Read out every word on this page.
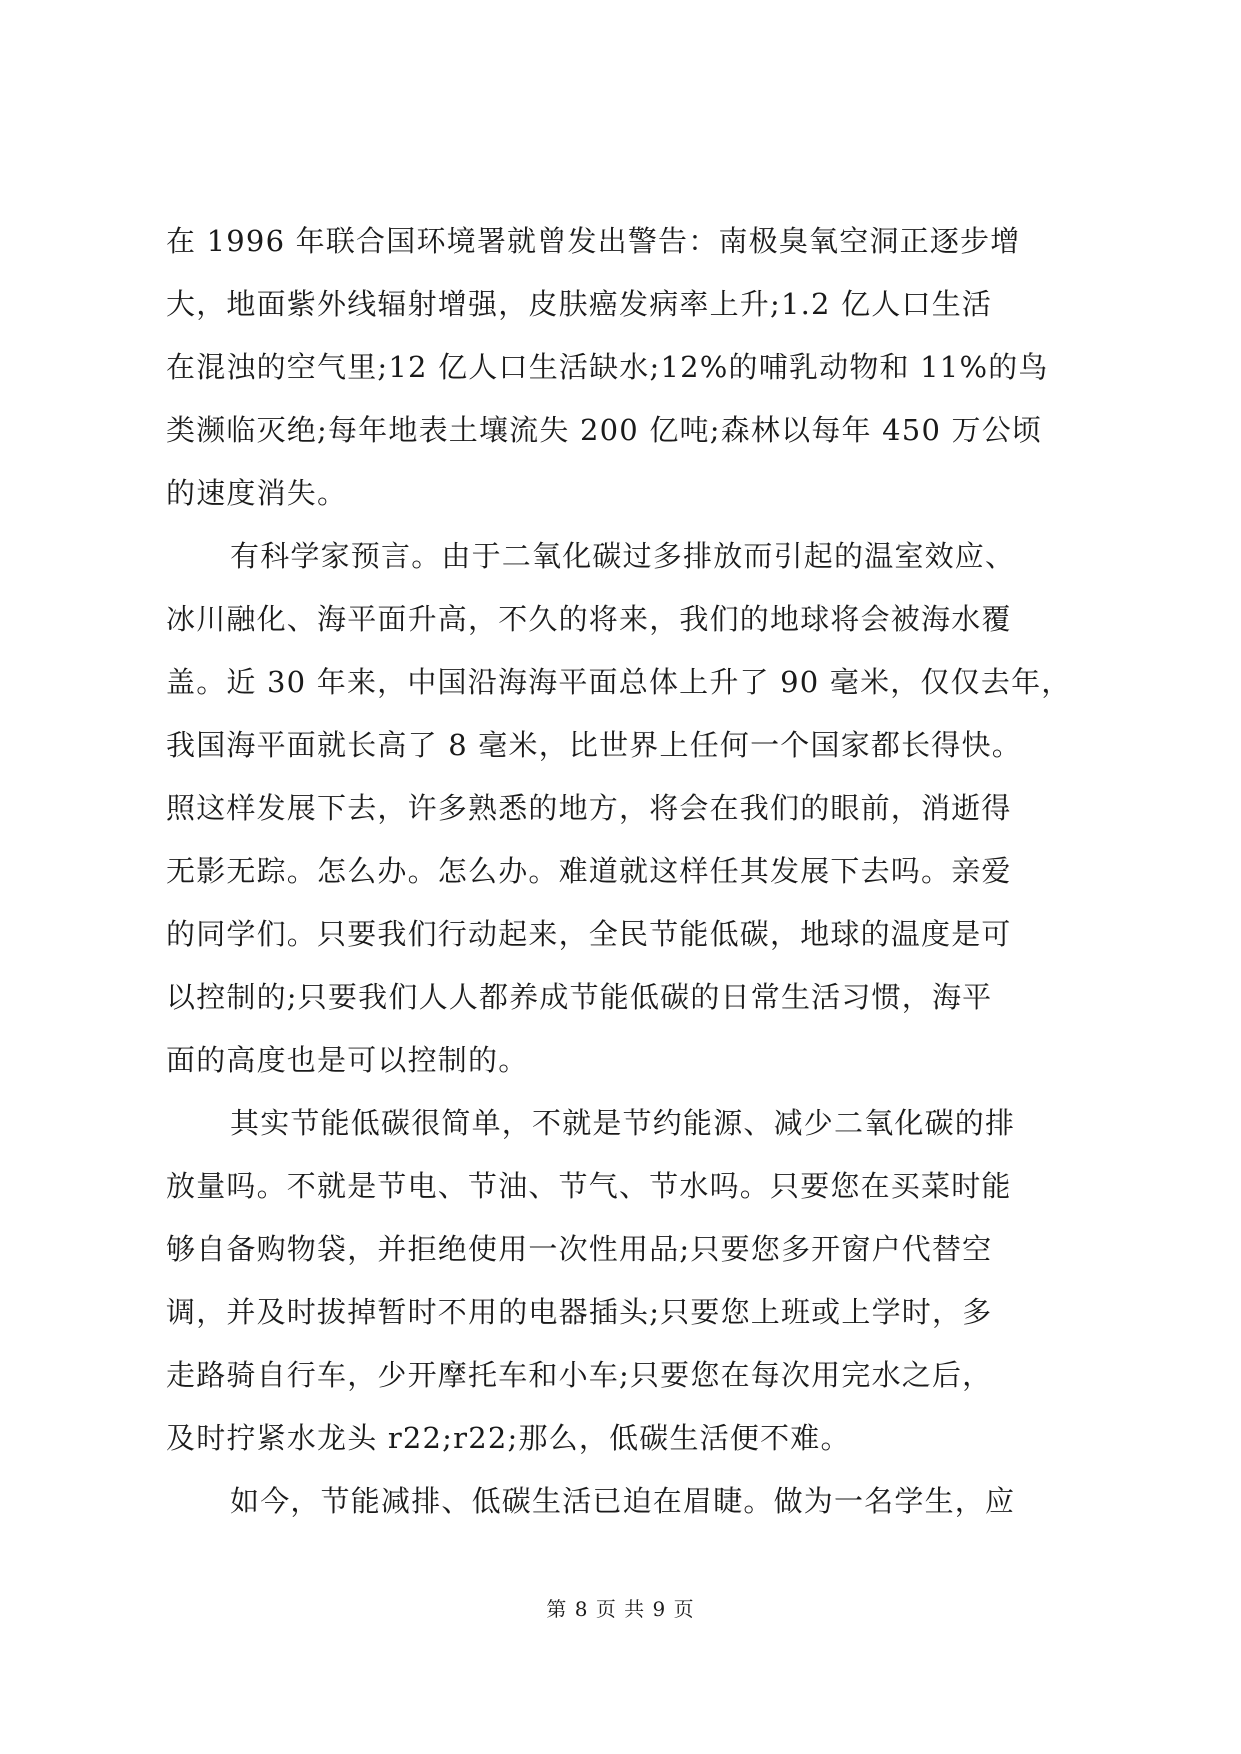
在 1996 年联合国环境署就曾发出警告：南极臭氧空洞正逐步增
大，地面紫外线辐射增强，皮肤癌发病率上升;1.2 亿人口生活
在混浊的空气里;12 亿人口生活缺水;12%的哺乳动物和 11%的鸟
类濒临灭绝;每年地表土壤流失 200 亿吨;森林以每年 450 万公顷
的速度消失。
有科学家预言。由于二氧化碳过多排放而引起的温室效应、
冰川融化、海平面升高，不久的将来，我们的地球将会被海水覆
盖。近 30 年来，中国沿海海平面总体上升了 90 毫米，仅仅去年，
我国海平面就长高了 8 毫米，比世界上任何一个国家都长得快。
照这样发展下去，许多熟悉的地方，将会在我们的眼前，消逝得
无影无踪。怎么办。怎么办。难道就这样任其发展下去吗。亲爱
的同学们。只要我们行动起来，全民节能低碳，地球的温度是可
以控制的;只要我们人人都养成节能低碳的日常生活习惯，海平
面的高度也是可以控制的。
其实节能低碳很简单，不就是节约能源、减少二氧化碳的排
放量吗。不就是节电、节油、节气、节水吗。只要您在买菜时能
够自备购物袋，并拒绝使用一次性用品;只要您多开窗户代替空
调，并及时拔掉暂时不用的电器插头;只要您上班或上学时，多
走路骑自行车，少开摩托车和小车;只要您在每次用完水之后，
及时拧紧水龙头 r22;r22;那么，低碳生活便不难。
如今，节能减排、低碳生活已迫在眉睫。做为一名学生，应
第 8 页 共 9 页
